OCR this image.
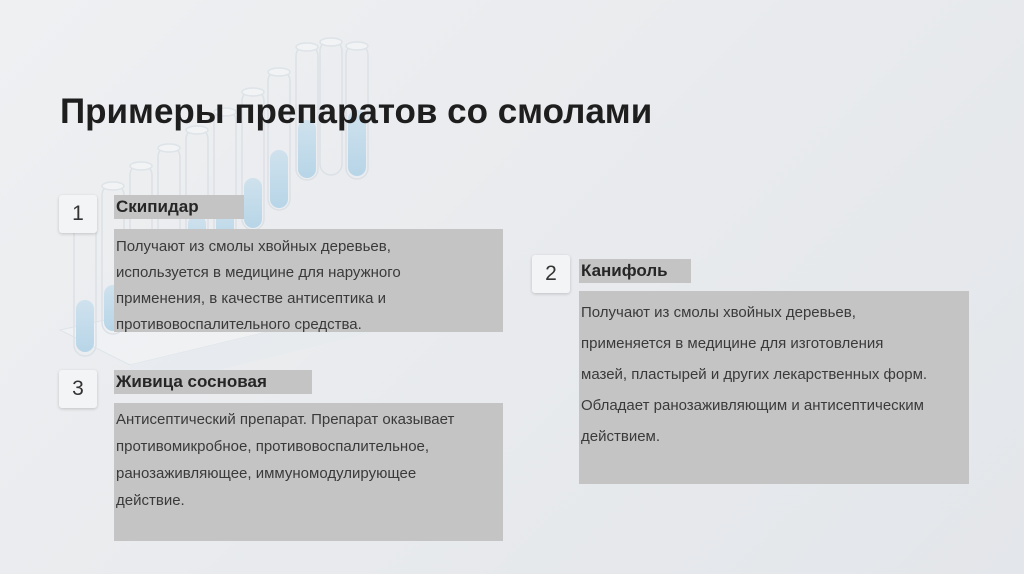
Примеры препаратов со смолами
1	Скипидар

Получают из смолы хвойных деревьев,

используется в медицине для наружного

применения, в качестве антисептика и

противовоспалительного средства.

2	Канифоль

Получают из смолы хвойных деревьев,

применяется в медицине для изготовления

мазей, пластырей и других лекарственных форм.

Обладает ранозаживляющим и антисептическим

действием.

3	Живица сосновая

Антисептический препарат. Препарат оказывает

противомикробное, противовоспалительное,

ранозаживляющее, иммуномодулирующее

действие.
